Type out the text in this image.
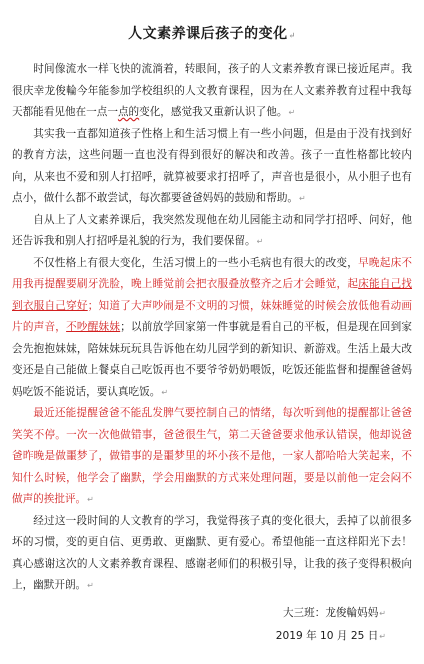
人文素养课后孩子的变化↵

时间像流水一样飞快的流淌着，转眼间，孩子的人文素养教育课已接近尾声。我很庆幸龙俊輪今年能参加学校组织的人文教育课程，因为在人文素养教育过程中我每天都能看见他在一点一点的变化，感觉我又重新认识了他。↵

其实我一直都知道孩子性格上和生活习惯上有一些小问题，但是由于没有找到好的教育方法，这些问题一直也没有得到很好的解决和改善。孩子一直性格都比较内向，从来也不爱和别人打招呼，就算被要求打招呼了，声音也是很小，从小胆子也有点小，做什么都不敢尝试，每次都要爸爸妈妈的鼓励和帮助。↵

自从上了人文素养课后，我突然发现他在幼儿园能主动和同学打招呼、问好，他还告诉我和别人打招呼是礼貌的行为，我们要保留。↵

不仅性格上有很大变化，生活习惯上的一些小毛病也有很大的改变，早晚起床不用我再提醒要刷牙洗脸，晚上睡觉前会把衣服叠放整齐之后才会睡觉，起床能自己找到衣服自己穿好；知道了大声吵闹是不文明的习惯，妹妹睡觉的时候会放低他看动画片的声音，不吵醒妹妹；以前放学回家第一件事就是看自己的平板，但是现在回到家会先抱抱妹妹，陪妹妹玩玩具告诉他在幼儿园学到的新知识、新游戏。生活上最大改变还是自己能做上餐桌自己吃饭再也不要爷爷奶奶喂饭，吃饭还能监督和提醒爸爸妈妈吃饭不能说话，要认真吃饭。↵

最近还能提醒爸爸不能乱发脾气要控制自己的情绪，每次听到他的提醒都让爸爸笑笑不停。一次一次他做错事，爸爸很生气，第二天爸爸要求他承认错误，他却说爸爸昨晚是做噩梦了，做错事的是噩梦里的坏小孩不是他，一家人都哈哈大笑起来，不知什么时候，他学会了幽默，学会用幽默的方式来处理问题，要是以前他一定会闷不做声的挨批评。↵

经过这一段时间的人文教育的学习，我觉得孩子真的变化很大，丢掉了以前很多坏的习惯，变的更自信、更勇敢、更幽默、更有爱心。希望他能一直这样阳光下去！真心感谢这次的人文素养教育课程、感谢老师们的积极引导，让我的孩子变得积极向上，幽默开朗。↵

大三班：龙俊輪妈妈↵
2019 年 10 月 25 日↵
